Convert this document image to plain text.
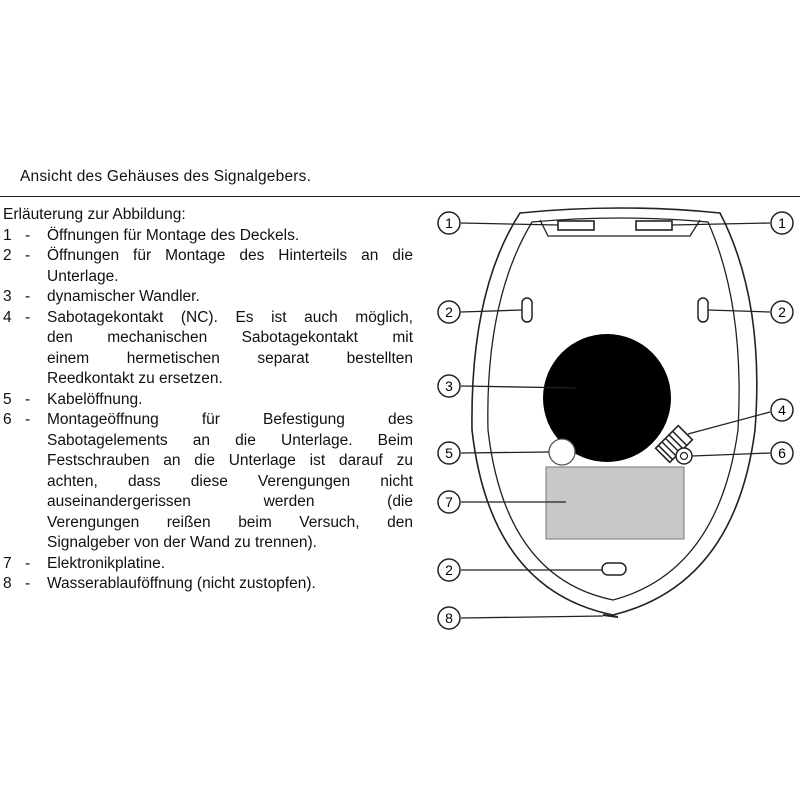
Ansicht des Gehäuses des Signalgebers.
Erläuterung zur Abbildung:
1 -	Öffnungen für Montage des Deckels.
2 -	Öffnungen für Montage des Hinterteils an die
Unterlage.
3 -	dynamischer Wandler.
4 -	Sabotagekontakt (NC). Es ist auch möglich,
den mechanischen Sabotagekontakt mit
einem hermetischen separat bestellten
Reedkontakt zu ersetzen.
5 -	Kabelöffnung.
6 -	Montageöffnung für Befestigung des
Sabotagelements an die Unterlage. Beim
Festschrauben an die Unterlage ist darauf zu
achten, dass diese Verengungen nicht
auseinandergerissen werden (die
Verengungen reißen beim Versuch, den
Signalgeber von der Wand zu trennen).
7 -	Elektronikplatine.
8 -	Wasserablauföffnung (nicht zustopfen).
1	1
2	2
3
4
5	6
7
2
8
